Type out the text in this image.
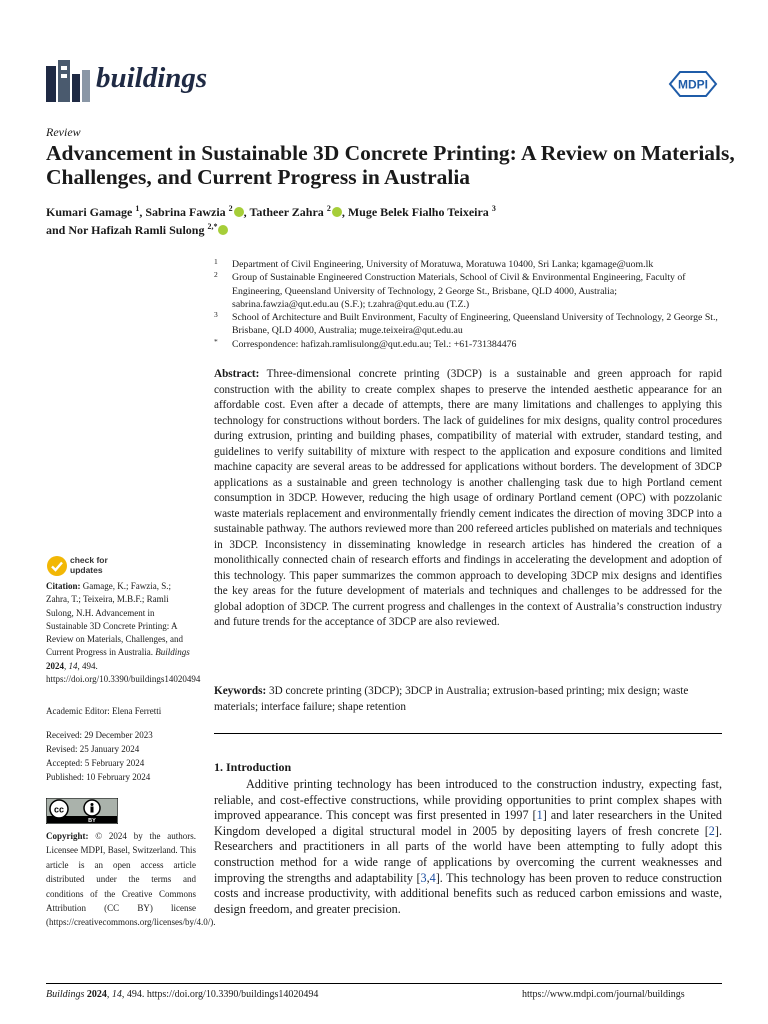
buildings	MDPI
Review
Advancement in Sustainable 3D Concrete Printing: A Review on Materials, Challenges, and Current Progress in Australia
Kumari Gamage $^1$, Sabrina Fawzia $^2$ , Tatheer Zahra $^2$ , Muge Belek Fialho Teixeira $^3$
and Nor Hafizah Ramli Sulong $^{2,*}$
1 Department of Civil Engineering, University of Moratuwa, Moratuwa 10400, Sri Lanka; kgamage@uom.lk
2 Group of Sustainable Engineered Construction Materials, School of Civil & Environmental Engineering, Faculty of Engineering, Queensland University of Technology, 2 George St., Brisbane, QLD 4000, Australia; sabrina.fawzia@qut.edu.au (S.F.); t.zahra@qut.edu.au (T.Z.)
3 School of Architecture and Built Environment, Faculty of Engineering, Queensland University of Technology, 2 George St., Brisbane, QLD 4000, Australia; muge.teixeira@qut.edu.au
* Correspondence: hafizah.ramlisulong@qut.edu.au; Tel.: +61-731384476
Abstract: Three-dimensional concrete printing (3DCP) is a sustainable and green approach for rapid construction with the ability to create complex shapes to preserve the intended aesthetic appearance for an affordable cost. Even after a decade of attempts, there are many limitations and challenges to applying this technology for constructions without borders. The lack of guidelines for mix designs, quality control procedures during extrusion, printing and building phases, compatibility of material with extruder, standard testing, and guidelines to verify suitability of mixture with respect to the application and exposure conditions and limited machine capacity are several areas to be addressed for applications without borders. The development of 3DCP applications as a sustainable and green technology is another challenging task due to high Portland cement consumption in 3DCP. However, reducing the high usage of ordinary Portland cement (OPC) with pozzolanic waste materials replacement and environmentally friendly cement indicates the direction of moving 3DCP into a sustainable pathway. The authors reviewed more than 200 refereed articles published on materials and techniques in 3DCP. Inconsistency in disseminating knowledge in research articles has hindered the creation of a monolithically connected chain of research efforts and findings in accelerating the development and adoption of this technology. This paper summarizes the common approach to developing 3DCP mix designs and identifies the key areas for the future development of materials and techniques and challenges to be addressed for the global adoption of 3DCP. The current progress and challenges in the context of Australia’s construction industry and future trends for the acceptance of 3DCP are also reviewed.
Keywords: 3D concrete printing (3DCP); 3DCP in Australia; extrusion-based printing; mix design; waste materials; interface failure; shape retention
1. Introduction
Additive printing technology has been introduced to the construction industry, expecting fast, reliable, and cost-effective constructions, while providing opportunities to print complex shapes with improved appearance. This concept was first presented in 1997 [1] and later researchers in the United Kingdom developed a digital structural model in 2005 by depositing layers of fresh concrete [2]. Researchers and practitioners in all parts of the world have been attempting to fully adopt this construction method for a wide range of applications by overcoming the current weaknesses and improving the strengths and adaptability [3,4]. This technology has been proven to reduce construction costs and increase productivity, with additional benefits such as reduced carbon emissions and waste, design freedom, and greater precision.
check for
updates
Citation: Gamage, K.; Fawzia, S.; Zahra, T.; Teixeira, M.B.F.; Ramli Sulong, N.H. Advancement in Sustainable 3D Concrete Printing: A Review on Materials, Challenges, and Current Progress in Australia. Buildings 2024, 14, 494. https://doi.org/10.3390/buildings14020494
Academic Editor: Elena Ferretti
Received: 29 December 2023
Revised: 25 January 2024
Accepted: 5 February 2024
Published: 10 February 2024
cc
BY
Copyright: © 2024 by the authors. Licensee MDPI, Basel, Switzerland. This article is an open access article distributed under the terms and conditions of the Creative Commons Attribution (CC BY) license (https://creativecommons.org/licenses/by/4.0/).
Buildings 2024, 14, 494. https://doi.org/10.3390/buildings14020494	https://www.mdpi.com/journal/buildings
